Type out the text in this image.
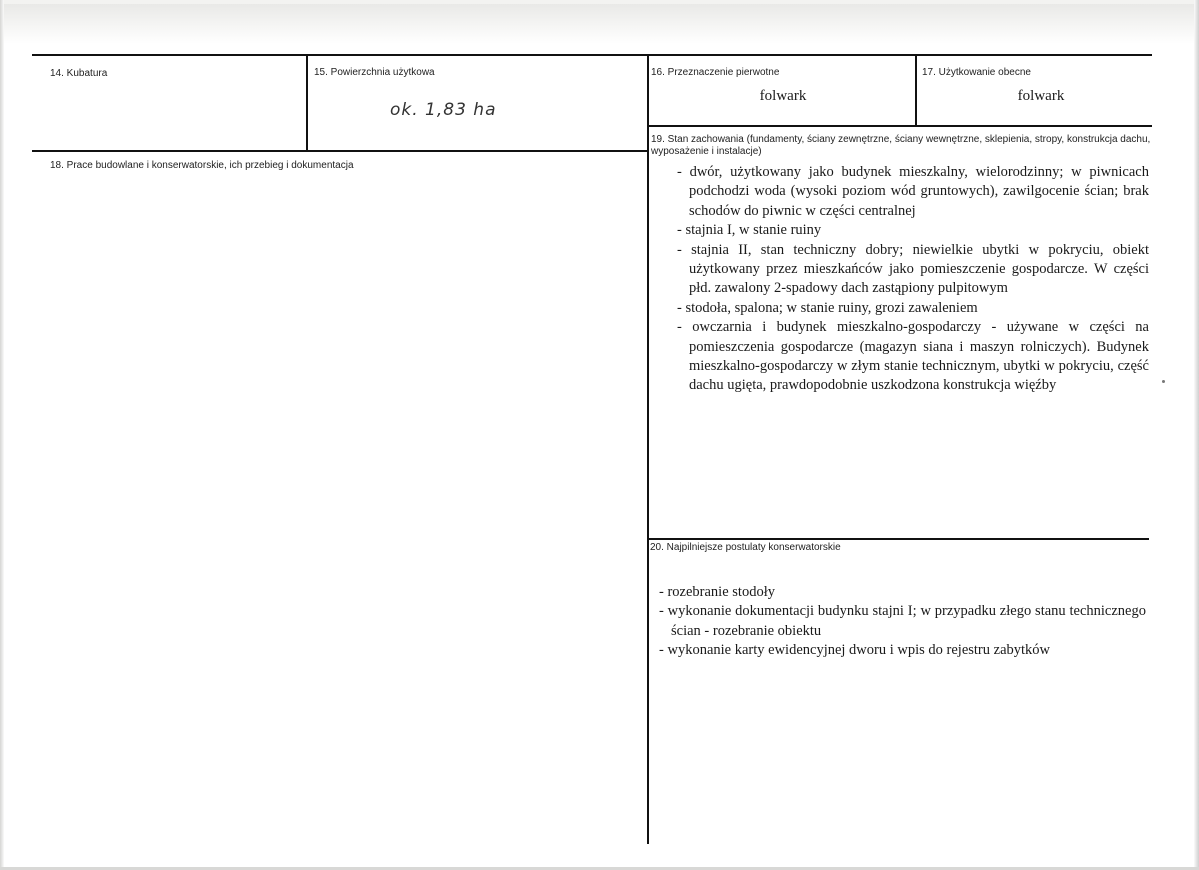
14. Kubatura	15. Powierzchnia użytkowa
ok. 1,83 ha
16. Przeznaczenie pierwotne
folwark
17. Użytkowanie obecne
folwark
18. Prace budowlane i konserwatorskie, ich przebieg i dokumentacja
19. Stan zachowania (fundamenty, ściany zewnętrzne, ściany wewnętrzne, sklepienia, stropy, konstrukcja dachu, wyposażenie i instalacje)
- dwór, użytkowany jako budynek mieszkalny, wielorodzinny; w piwnicach podchodzi woda (wysoki poziom wód gruntowych), zawilgocenie ścian; brak schodów do piwnic w części centralnej
- stajnia I, w stanie ruiny
- stajnia II, stan techniczny dobry; niewielkie ubytki w pokryciu, obiekt użytkowany przez mieszkańców jako pomieszczenie gospodarcze. W części płd. zawalony 2-spadowy dach zastąpiony pulpitowym
- stodoła, spalona; w stanie ruiny, grozi zawaleniem
- owczarnia i budynek mieszkalno-gospodarczy - używane w części na pomieszczenia gospodarcze (magazyn siana i maszyn rolniczych). Budynek mieszkalno-gospodarczy w złym stanie technicznym, ubytki w pokryciu, część dachu ugięta, prawdopodobnie uszkodzona konstrukcja więźby
20. Najpilniejsze postulaty konserwatorskie
- rozebranie stodoły
- wykonanie dokumentacji budynku stajni I; w przypadku złego stanu technicznego ścian - rozebranie obiektu
- wykonanie karty ewidencyjnej dworu i wpis do rejestru zabytków
